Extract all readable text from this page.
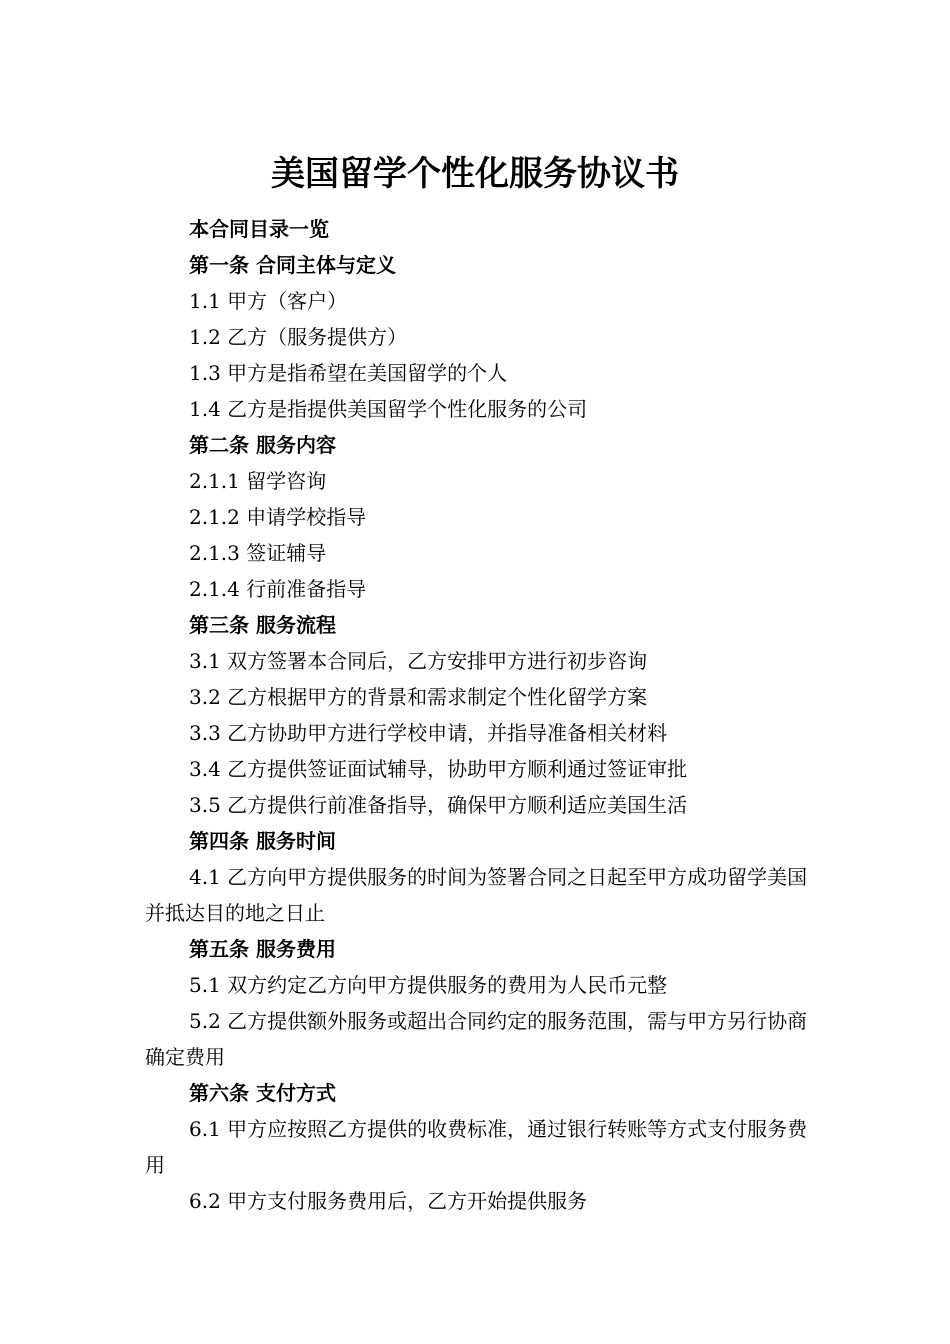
美国留学个性化服务协议书
本合同目录一览
第一条 合同主体与定义
1.1 甲方（客户）
1.2 乙方（服务提供方）
1.3 甲方是指希望在美国留学的个人
1.4 乙方是指提供美国留学个性化服务的公司
第二条 服务内容
2.1.1 留学咨询
2.1.2 申请学校指导
2.1.3 签证辅导
2.1.4 行前准备指导
第三条 服务流程
3.1 双方签署本合同后，乙方安排甲方进行初步咨询
3.2 乙方根据甲方的背景和需求制定个性化留学方案
3.3 乙方协助甲方进行学校申请，并指导准备相关材料
3.4 乙方提供签证面试辅导，协助甲方顺利通过签证审批
3.5 乙方提供行前准备指导，确保甲方顺利适应美国生活
第四条 服务时间
4.1 乙方向甲方提供服务的时间为签署合同之日起至甲方成功留学美国并抵达目的地之日止
第五条 服务费用
5.1 双方约定乙方向甲方提供服务的费用为人民币元整
5.2 乙方提供额外服务或超出合同约定的服务范围，需与甲方另行协商确定费用
第六条 支付方式
6.1 甲方应按照乙方提供的收费标准，通过银行转账等方式支付服务费用
6.2 甲方支付服务费用后，乙方开始提供服务
